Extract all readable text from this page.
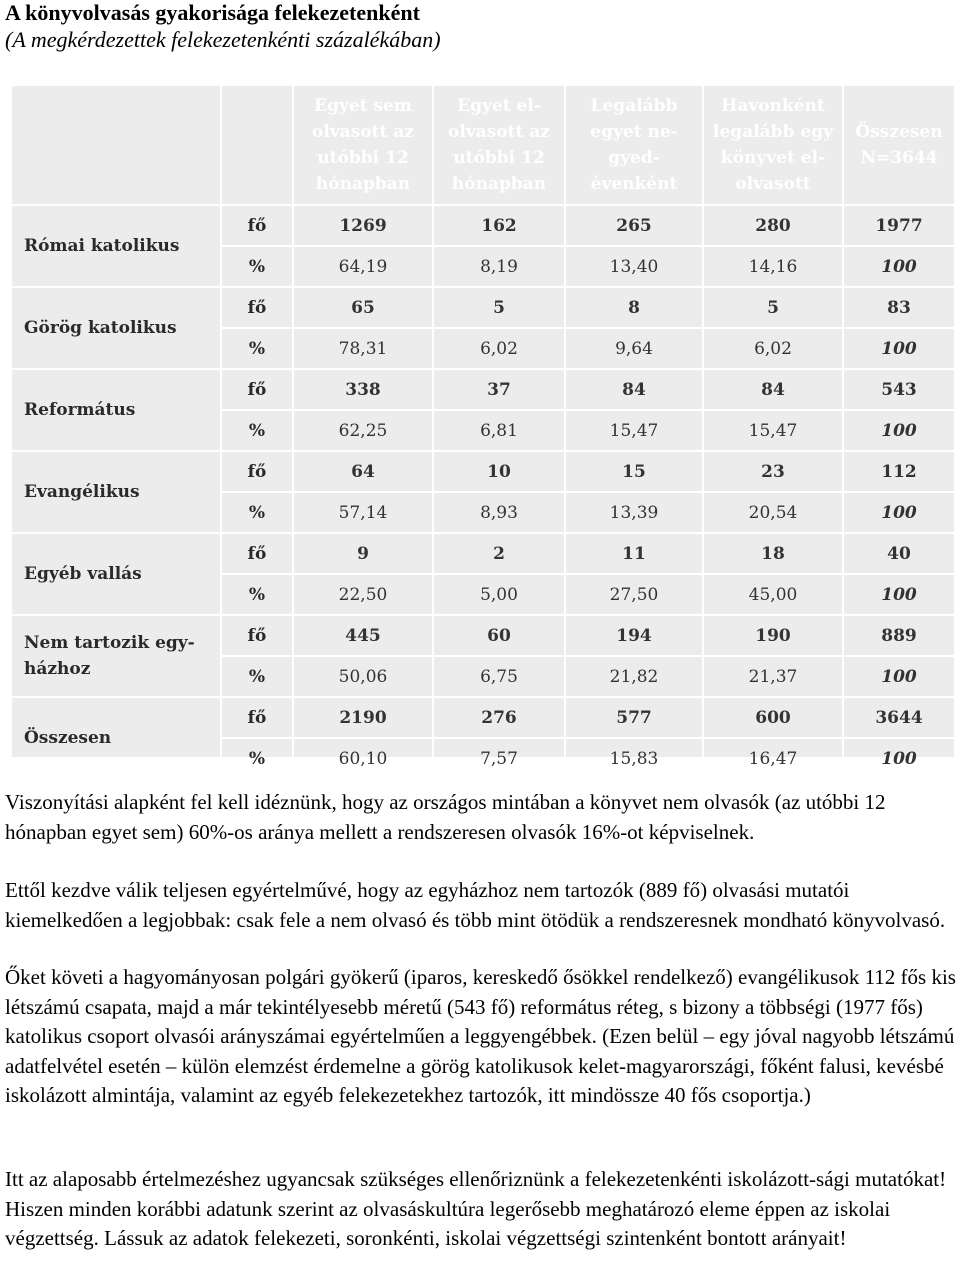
A könyvolvasás gyakorisága felekezetenként
(A megkérdezettek felekezetenkénti százalékában)
		Egyet sem olvasott az utóbbi 12 hónapban	Egyet el-olvasott az utóbbi 12 hónapban	Legalább egyet ne-gyed-évenként	Havonként legalább egy könyvet el-olvasott	Összesen N=3644
Római katolikus	fő	1269	162	265	280	1977
	%	64,19	8,19	13,40	14,16	100
Görög katolikus	fő	65	5	8	5	83
	%	78,31	6,02	9,64	6,02	100
Református	fő	338	37	84	84	543
	%	62,25	6,81	15,47	15,47	100
Evangélikus	fő	64	10	15	23	112
	%	57,14	8,93	13,39	20,54	100
Egyéb vallás	fő	9	2	11	18	40
	%	22,50	5,00	27,50	45,00	100
Nem tartozik egy-házhoz	fő	445	60	194	190	889
	%	50,06	6,75	21,82	21,37	100
Összesen	fő	2190	276	577	600	3644
	%	60,10	7,57	15,83	16,47	100

Viszonyítási alapként fel kell idéznünk, hogy az országos mintában a könyvet nem olvasók (az utóbbi 12 hónapban egyet sem) 60%-os aránya mellett a rendszeresen olvasók 16%-ot képviselnek.

Ettől kezdve válik teljesen egyértelművé, hogy az egyházhoz nem tartozók (889 fő) olvasási mutatói kiemelkedően a legjobbak: csak fele a nem olvasó és több mint ötödük a rendszeresnek mondható könyvolvasó.

Őket követi a hagyományosan polgári gyökerű (iparos, kereskedő ősökkel rendelkező) evangélikusok 112 fős kis létszámú csapata, majd a már tekintélyesebb méretű (543 fő) református réteg, s bizony a többségi (1977 fős) katolikus csoport olvasói arányszámai egyértelműen a leggyengébbek. (Ezen belül – egy jóval nagyobb létszámú adatfelvétel esetén – külön elemzést érdemelne a görög katolikusok kelet-magyarországi, főként falusi, kevésbé iskolázott almintája, valamint az egyéb felekezetekhez tartozók, itt mindössze 40 fős csoportja.)

Itt az alaposabb értelmezéshez ugyancsak szükséges ellenőriznünk a felekezetenkénti iskolázott-sági mutatókat! Hiszen minden korábbi adatunk szerint az olvasáskultúra legerősebb meghatározó eleme éppen az iskolai végzettség. Lássuk az adatok felekezeti, soronkénti, iskolai végzettségi szintenként bontott arányait!
